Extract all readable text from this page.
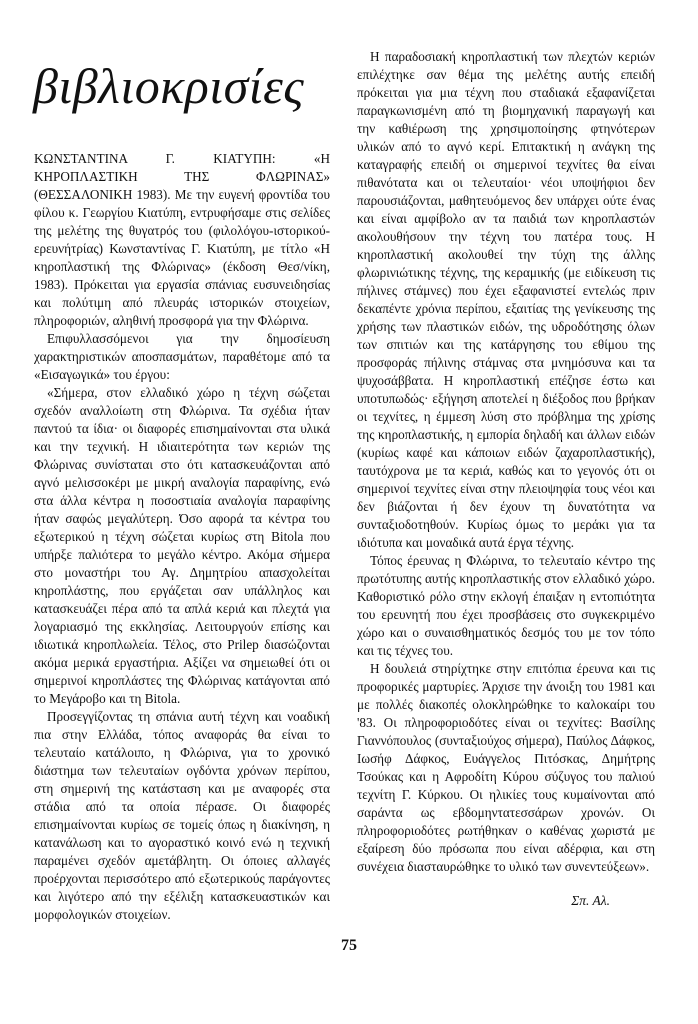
βιβλιοκρισίες

ΚΩΝΣΤΑΝΤΙΝΑ Γ. ΚΙΑΤΥΠΗ: «Η ΚΗΡΟΠΛΑΣΤΙΚΗ ΤΗΣ ΦΛΩΡΙΝΑΣ» (ΘΕΣΣΑΛΟΝΙΚΗ 1983). Με την ευγενή φροντίδα του φίλου κ. Γεωργίου Κιατύπη, εντρυφήσαμε στις σελίδες της μελέτης της θυγατρός του (φιλολόγου-ιστορικού-ερευνήτρίας) Κωνσταντίνας Γ. Κιατύπη, με τίτλο «Η κηροπλαστική της Φλώρινας» (έκδοση Θεσ/νίκη, 1983). Πρόκειται για εργασία σπάνιας ευσυνειδησίας και πολύτιμη από πλευράς ιστορικών στοιχείων, πληροφοριών, αληθινή προσφορά για την Φλώρινα.

Επιφυλλασσόμενοι για την δημοσίευση χαρακτηριστικών αποσπασμάτων, παραθέτομε από τα «Εισαγωγικά» του έργου:

«Σήμερα, στον ελλαδικό χώρο η τέχνη σώζεται σχεδόν αναλλοίωτη στη Φλώρινα. Τα σχέδια ήταν παντού τα ίδια· οι διαφορές επισημαίνονται στα υλικά και την τεχνική. Η ιδιαιτερότητα των κεριών της Φλώρινας συνίσταται στο ότι κατασκευάζονται από αγνό μελισσοκέρι με μικρή αναλογία παραφίνης, ενώ στα άλλα κέντρα η ποσοστιαία αναλογία παραφίνης ήταν σαφώς μεγαλύτερη. Όσο αφορά τα κέντρα του εξωτερικού η τέχνη σώζεται κυρίως στη Bitola που υπήρξε παλιότερα το μεγάλο κέντρο. Ακόμα σήμερα στο μοναστήρι του Αγ. Δημητρίου απασχολείται κηροπλάστης, που εργάζεται σαν υπάλληλος και κατασκευάζει πέρα από τα απλά κεριά και πλεχτά για λογαριασμό της εκκλησίας. Λειτουργούν επίσης και ιδιωτικά κηροπλωλεία. Τέλος, στο Prilep διασώζονται ακόμα μερικά εργαστήρια. Αξίζει να σημειωθεί ότι οι σημερινοί κηροπλάστες της Φλώρινας κατάγονται από το Μεγάροβο και τη Bitola.

Προσεγγίζοντας τη σπάνια αυτή τέχνη και νοαδική πια στην Ελλάδα, τόπος αναφοράς θα είναι το τελευταίο κατάλοιπο, η Φλώρινα, για το χρονικό διάστημα των τελευταίων ογδόντα χρόνων περίπου, στη σημερινή της κατάσταση και με αναφορές στα στάδια από τα οποία πέρασε. Οι διαφορές επισημαίνονται κυρίως σε τομείς όπως η διακίνηση, η κατανάλωση και το αγοραστικό κοινό ενώ η τεχνική παραμένει σχεδόν αμετάβλητη. Οι όποιες αλλαγές προέρχονται περισσότερο από εξωτερικούς παράγοντες και λιγότερο από την εξέλιξη κατασκευαστικών και μορφολογικών στοιχείων.

Η παραδοσιακή κηροπλαστική των πλεχτών κεριών επιλέχτηκε σαν θέμα της μελέτης αυτής επειδή πρόκειται για μια τέχνη που σταδιακά εξαφανίζεται παραγκωνισμένη από τη βιομηχανική παραγωγή και την καθιέρωση της χρησιμοποίησης φτηνότερων υλικών από το αγνό κερί. Επιτακτική η ανάγκη της καταγραφής επειδή οι σημερινοί τεχνίτες θα είναι πιθανότατα και οι τελευταίοι· νέοι υποψήφιοι δεν παρουσιάζονται, μαθητευόμενος δεν υπάρχει ούτε ένας και είναι αμφίβολο αν τα παιδιά των κηροπλαστών ακολουθήσουν την τέχνη του πατέρα τους. Η κηροπλαστική ακολουθεί την τύχη της άλλης φλωρινιώτικης τέχνης, της κεραμικής (με ειδίκευση τις πήλινες στάμνες) που έχει εξαφανιστεί εντελώς πριν δεκαπέντε χρόνια περίπου, εξαιτίας της γενίκευσης της χρήσης των πλαστικών ειδών, της υδροδότησης όλων των σπιτιών και της κατάργησης του εθίμου της προσφοράς πήλινης στάμνας στα μνημόσυνα και τα ψυχοσάββατα. Η κηροπλαστική επέζησε έστω και υποτυπωδώς· εξήγηση αποτελεί η διέξοδος που βρήκαν οι τεχνίτες, η έμμεση λύση στο πρόβλημα της χρίσης της κηροπλαστικής, η εμπορία δηλαδή και άλλων ειδών (κυρίως καφέ και κάποιων ειδών ζαχαροπλαστικής), ταυτόχρονα με τα κεριά, καθώς και το γεγονός ότι οι σημερινοί τεχνίτες είναι στην πλειοψηφία τους νέοι και δεν βιάζονται ή δεν έχουν τη δυνατότητα να συνταξιοδοτηθούν. Κυρίως όμως το μεράκι για τα ιδιότυπα και μοναδικά αυτά έργα τέχνης.

Τόπος έρευνας η Φλώρινα, το τελευταίο κέντρο της πρωτότυπης αυτής κηροπλαστικής στον ελλαδικό χώρο. Καθοριστικό ρόλο στην εκλογή έπαιξαν η εντοπιότητα του ερευνητή που έχει προσβάσεις στο συγκεκριμένο χώρο και ο συναισθηματικός δεσμός του με τον τόπο και τις τέχνες του.

Η δουλειά στηρίχτηκε στην επιτόπια έρευνα και τις προφορικές μαρτυρίες. Άρχισε την άνοιξη του 1981 και με πολλές διακοπές ολοκληρώθηκε το καλοκαίρι του '83. Οι πληροφοριοδότες είναι οι τεχνίτες: Βασίλης Γιαννόπουλος (συνταξιούχος σήμερα), Παύλος Δάφκος, Ιωσήφ Δάφκος, Ευάγγελος Πιτόσκας, Δημήτρης Τσούκας και η Αφροδίτη Κύρου σύζυγος του παλιού τεχνίτη Γ. Κύρκου. Οι ηλικίες τους κυμαίνονται από σαράντα ως εβδομηντατεσσάρων χρονών. Οι πληροφοριοδότες ρωτήθηκαν ο καθένας χωριστά με εξαίρεση δύο πρόσωπα που είναι αδέρφια, και στη συνέχεια διασταυρώθηκε το υλικό των συνεντεύξεων».

Σπ. Αλ.
75
